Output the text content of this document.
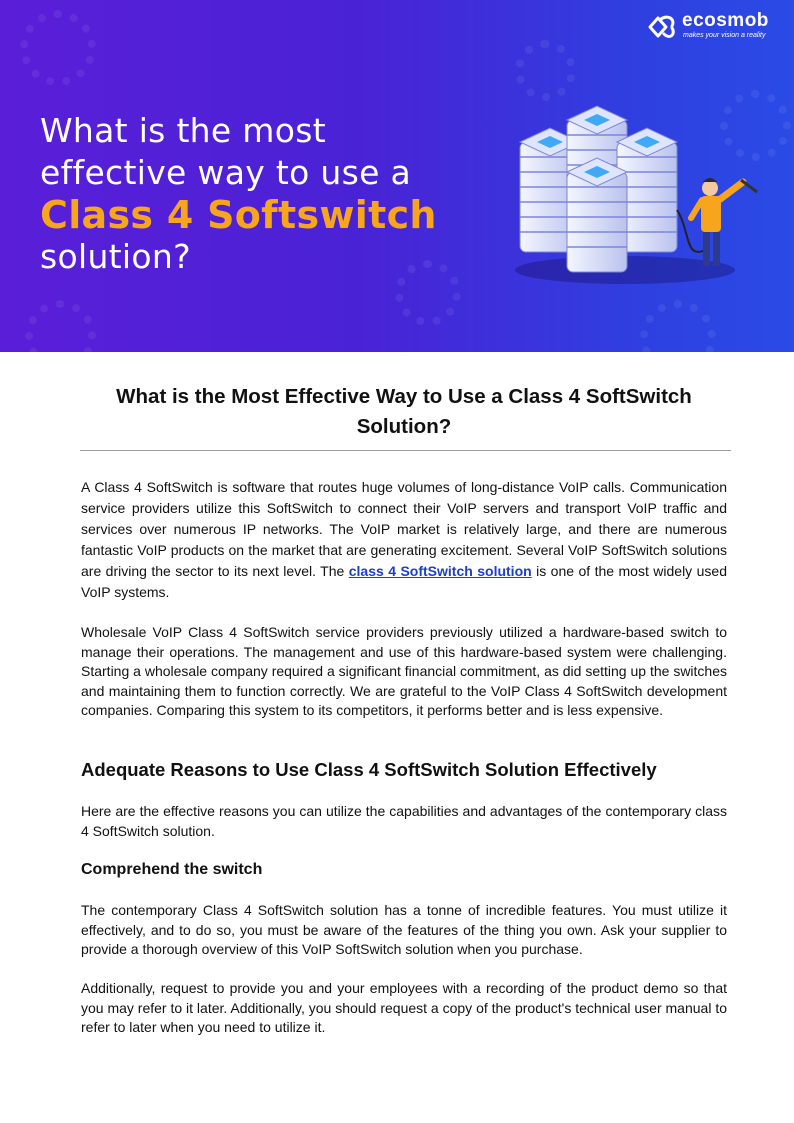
ecosmob
makes your vision a reality
What is the most
effective way to use a
Class 4 Softswitch
solution?
What is the Most Effective Way to Use a Class 4 SoftSwitch Solution?

A Class 4 SoftSwitch is software that routes huge volumes of long-distance VoIP calls. Communication service providers utilize this SoftSwitch to connect their VoIP servers and transport VoIP traffic and services over numerous IP networks. The VoIP market is relatively large, and there are numerous fantastic VoIP products on the market that are generating excitement. Several VoIP SoftSwitch solutions are driving the sector to its next level. The class 4 SoftSwitch solution is one of the most widely used VoIP systems.

Wholesale VoIP Class 4 SoftSwitch service providers previously utilized a hardware-based switch to manage their operations. The management and use of this hardware-based system were challenging. Starting a wholesale company required a significant financial commitment, as did setting up the switches and maintaining them to function correctly. We are grateful to the VoIP Class 4 SoftSwitch development companies. Comparing this system to its competitors, it performs better and is less expensive.

Adequate Reasons to Use Class 4 SoftSwitch Solution Effectively

Here are the effective reasons you can utilize the capabilities and advantages of the contemporary class 4 SoftSwitch solution.

Comprehend the switch

The contemporary Class 4 SoftSwitch solution has a tonne of incredible features. You must utilize it effectively, and to do so, you must be aware of the features of the thing you own. Ask your supplier to provide a thorough overview of this VoIP SoftSwitch solution when you purchase.

Additionally, request to provide you and your employees with a recording of the product demo so that you may refer to it later. Additionally, you should request a copy of the product's technical user manual to refer to later when you need to utilize it.
